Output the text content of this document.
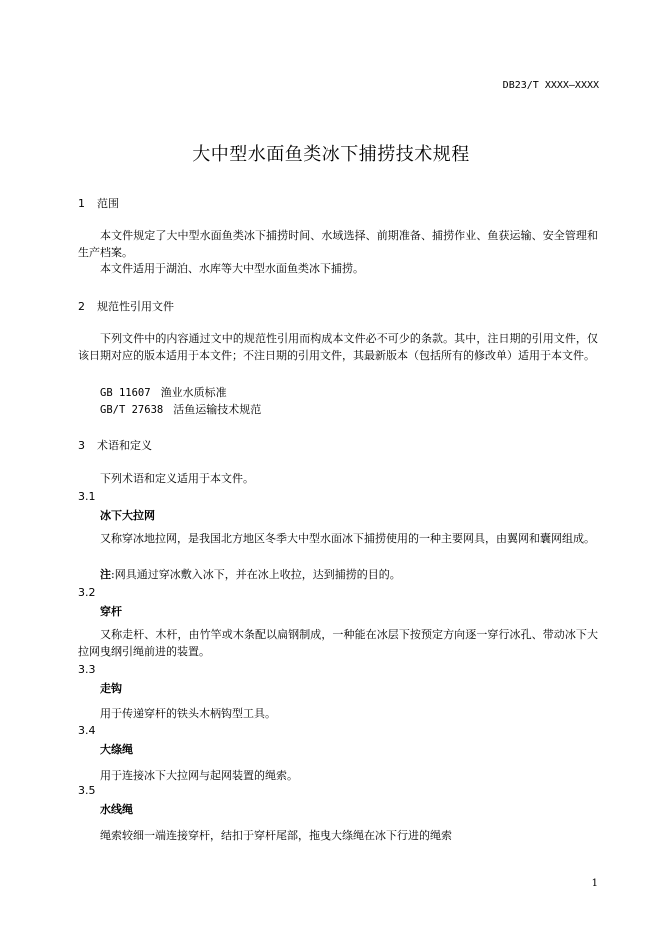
DB23/T XXXX—XXXX
大中型水面鱼类冰下捕捞技术规程
1 范围
本文件规定了大中型水面鱼类冰下捕捞时间、水域选择、前期准备、捕捞作业、鱼获运输、安全管理和生产档案。
本文件适用于湖泊、水库等大中型水面鱼类冰下捕捞。
2 规范性引用文件
下列文件中的内容通过文中的规范性引用而构成本文件必不可少的条款。其中，注日期的引用文件，仅该日期对应的版本适用于本文件；不注日期的引用文件，其最新版本（包括所有的修改单）适用于本文件。
GB 11607 渔业水质标准
GB/T 27638 活鱼运输技术规范
3 术语和定义
下列术语和定义适用于本文件。
3.1
冰下大拉网
又称穿冰地拉网，是我国北方地区冬季大中型水面冰下捕捞使用的一种主要网具，由翼网和囊网组成。
注:网具通过穿冰敷入冰下，并在冰上收拉，达到捕捞的目的。
3.2
穿杆
又称走杆、木杆，由竹竿或木条配以扁钢制成，一种能在冰层下按预定方向逐一穿行冰孔、带动冰下大拉网曳纲引绳前进的装置。
3.3
走钩
用于传递穿杆的铁头木柄钩型工具。
3.4
大绦绳
用于连接冰下大拉网与起网装置的绳索。
3.5
水线绳
绳索较细一端连接穿杆，结扣于穿杆尾部，拖曳大绦绳在冰下行进的绳索
1
